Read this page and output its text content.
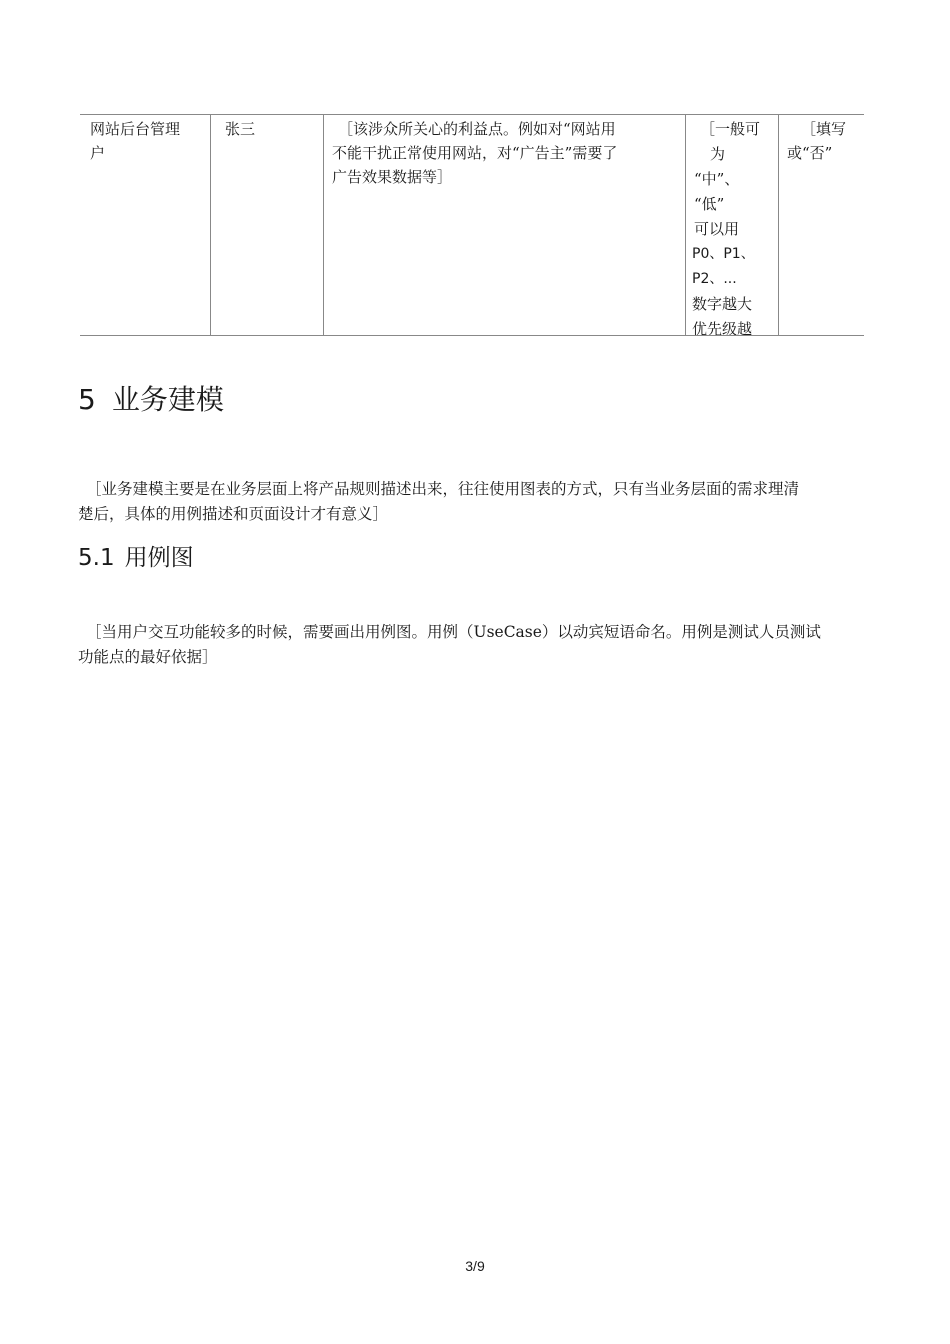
网站后台管理
户
张三	［该涉众所关心的利益点。例如对“网站用
不能干扰正常使用网站，对“广告主”需要了
广告效果数据等］
［一般可
为
“中”、
“低”
可以用
P0、P1、
P2、...
数字越大
优先级越
［填写
或“否”
5 业务建模
［业务建模主要是在业务层面上将产品规则描述出来，往往使用图表的方式，只有当业务层面的需求理清
楚后，具体的用例描述和页面设计才有意义］
5.1 用例图
［当用户交互功能较多的时候，需要画出用例图。用例（UseCase）以动宾短语命名。用例是测试人员测试
功能点的最好依据］
3/9
